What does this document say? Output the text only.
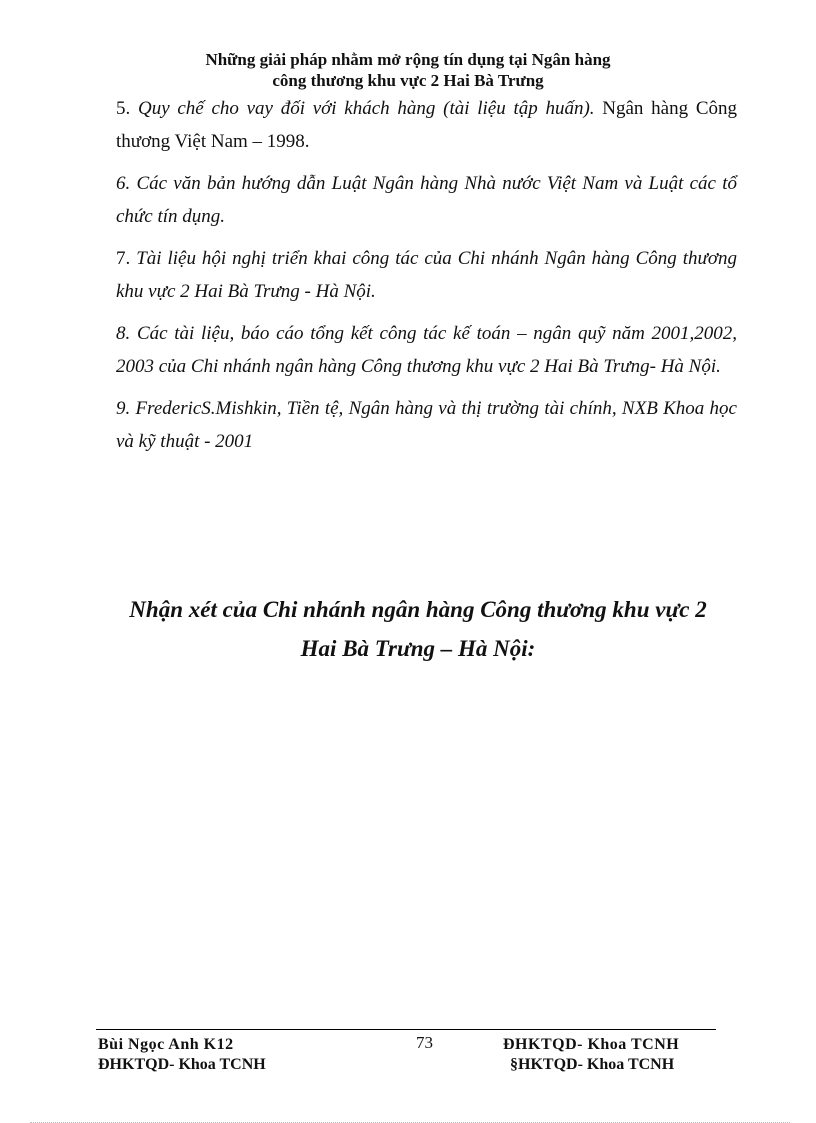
Những giải pháp nhằm mở rộng tín dụng tại Ngân hàng
công thương khu vực 2 Hai Bà Trưng

5. Quy chế cho vay đối với khách hàng (tài liệu tập huấn). Ngân hàng Công thương Việt Nam – 1998.

6. Các văn bản hướng dẫn Luật Ngân hàng Nhà nước Việt Nam và Luật các tổ chức tín dụng.

7. Tài liệu hội nghị triển khai công tác của Chi nhánh Ngân hàng Công thương khu vực 2 Hai Bà Trưng - Hà Nội.

8. Các tài liệu, báo cáo tổng kết công tác kế toán – ngân quỹ năm 2001,2002, 2003 của Chi nhánh ngân hàng Công thương khu vực 2 Hai Bà Trưng- Hà Nội.

9. FredericS.Mishkin, Tiền tệ, Ngân hàng và thị trường tài chính, NXB Khoa học và kỹ thuật - 2001

Nhận xét của Chi nhánh ngân hàng Công thương khu vực 2
Hai Bà Trưng – Hà Nội:
Bùi Ngọc Anh K12
ĐHKTQD- Khoa TCNH
73	ĐHKTQD- Khoa TCNH
§HKTQD- Khoa TCNH
